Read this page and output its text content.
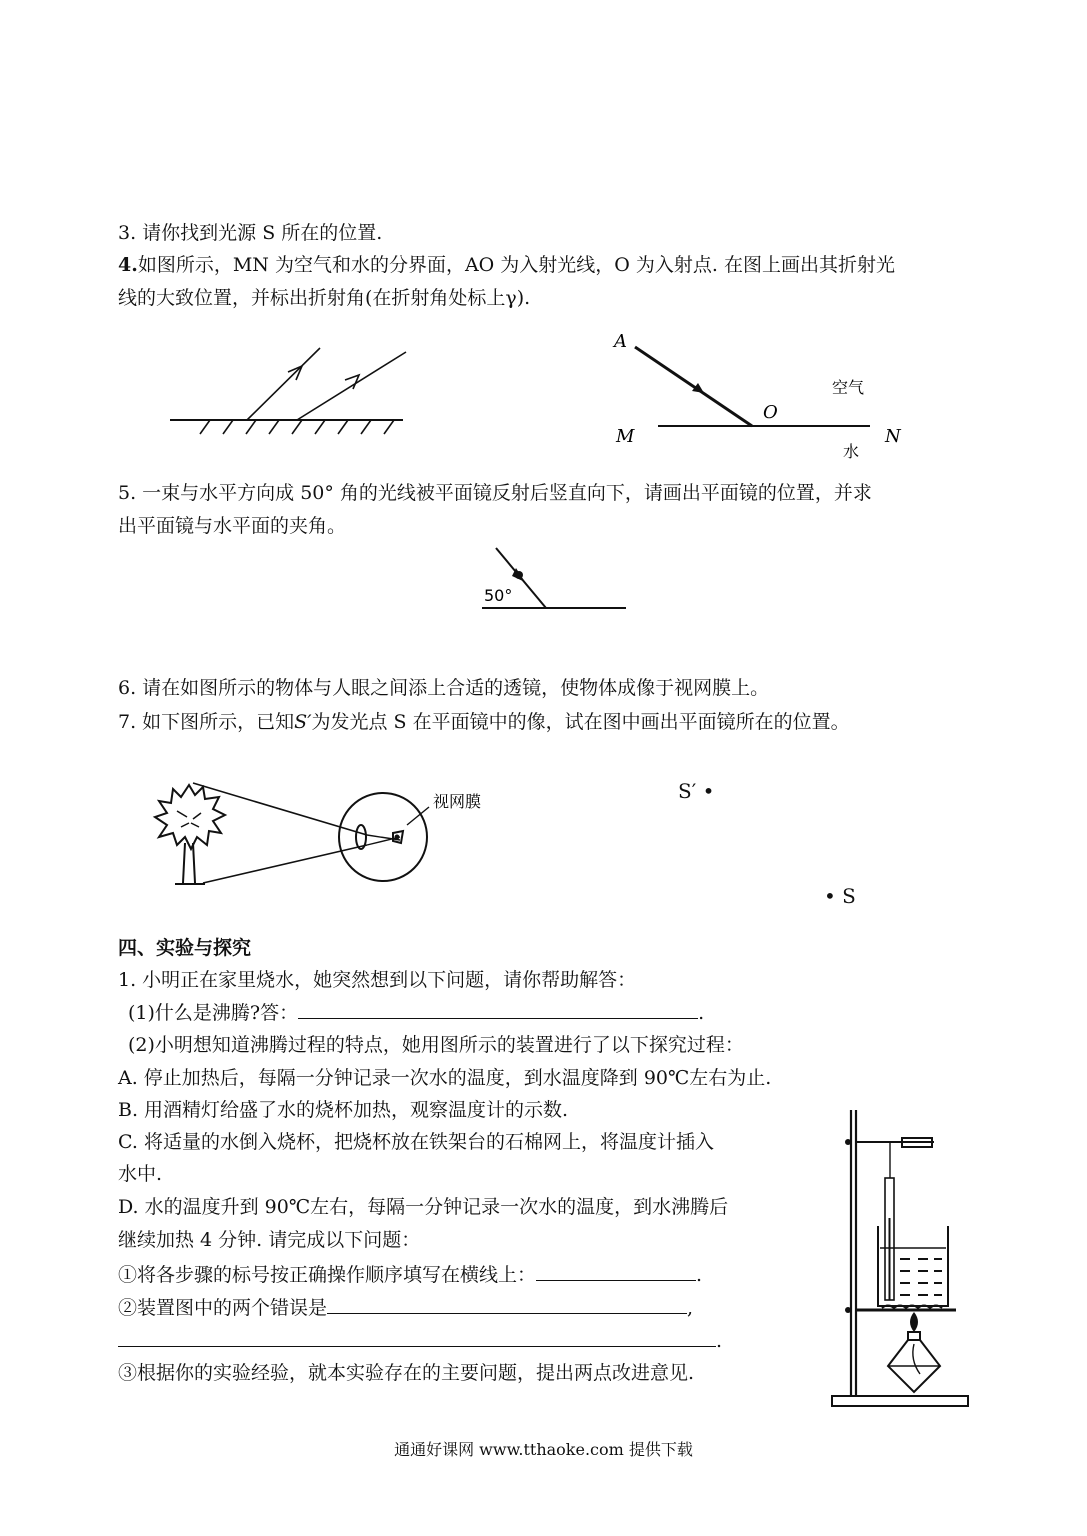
3. 请你找到光源 S 所在的位置.
4.如图所示，MN 为空气和水的分界面，AO 为入射光线，O 为入射点. 在图上画出其折射光
线的大致位置，并标出折射角(在折射角处标上γ).
A
O
M	N
空气
水
5. 一束与水平方向成 50° 角的光线被平面镜反射后竖直向下，请画出平面镜的位置，并求
出平面镜与水平面的夹角。
50°
6. 请在如图所示的物体与人眼之间添上合适的透镜，使物体成像于视网膜上。
7. 如下图所示，已知S′为发光点 S 在平面镜中的像，试在图中画出平面镜所在的位置。
视网膜	S′ •
• S
四、实验与探究
1. 小明正在家里烧水，她突然想到以下问题，请你帮助解答：
(1)什么是沸腾?答：	.
(2)小明想知道沸腾过程的特点，她用图所示的装置进行了以下探究过程：
A. 停止加热后，每隔一分钟记录一次水的温度，到水温度降到 90℃左右为止.
B. 用酒精灯给盛了水的烧杯加热，观察温度计的示数.
C. 将适量的水倒入烧杯，把烧杯放在铁架台的石棉网上，将温度计插入
水中.
D. 水的温度升到 90℃左右，每隔一分钟记录一次水的温度，到水沸腾后
继续加热 4 分钟. 请完成以下问题：
①将各步骤的标号按正确操作顺序填写在横线上：	.
②装置图中的两个错误是	,
.
③根据你的实验经验，就本实验存在的主要问题，提出两点改进意见.
通通好课网 www.tthaoke.com 提供下载
